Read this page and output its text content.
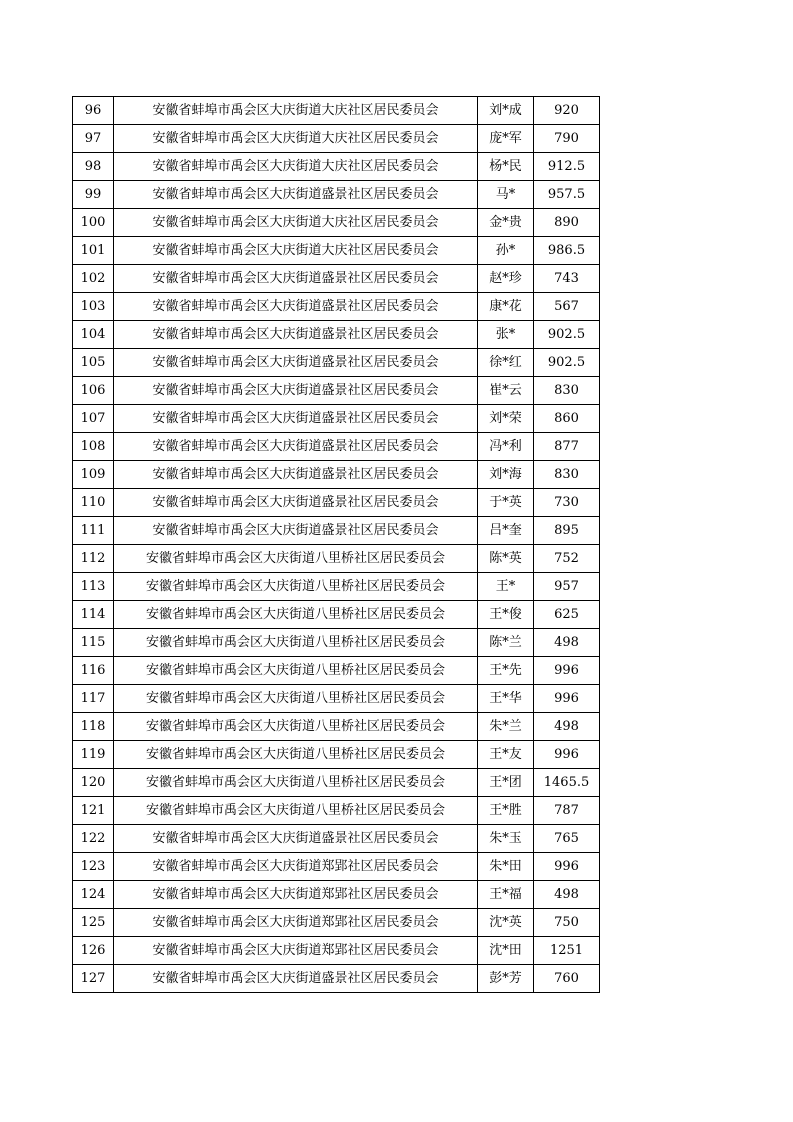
96	安徽省蚌埠市禹会区大庆街道大庆社区居民委员会	刘*成	920
97	安徽省蚌埠市禹会区大庆街道大庆社区居民委员会	庞*军	790
98	安徽省蚌埠市禹会区大庆街道大庆社区居民委员会	杨*民	912.5
99	安徽省蚌埠市禹会区大庆街道盛景社区居民委员会	马*	957.5
100	安徽省蚌埠市禹会区大庆街道大庆社区居民委员会	金*贵	890
101	安徽省蚌埠市禹会区大庆街道大庆社区居民委员会	孙*	986.5
102	安徽省蚌埠市禹会区大庆街道盛景社区居民委员会	赵*珍	743
103	安徽省蚌埠市禹会区大庆街道盛景社区居民委员会	康*花	567
104	安徽省蚌埠市禹会区大庆街道盛景社区居民委员会	张*	902.5
105	安徽省蚌埠市禹会区大庆街道盛景社区居民委员会	徐*红	902.5
106	安徽省蚌埠市禹会区大庆街道盛景社区居民委员会	崔*云	830
107	安徽省蚌埠市禹会区大庆街道盛景社区居民委员会	刘*荣	860
108	安徽省蚌埠市禹会区大庆街道盛景社区居民委员会	冯*利	877
109	安徽省蚌埠市禹会区大庆街道盛景社区居民委员会	刘*海	830
110	安徽省蚌埠市禹会区大庆街道盛景社区居民委员会	于*英	730
111	安徽省蚌埠市禹会区大庆街道盛景社区居民委员会	吕*奎	895
112	安徽省蚌埠市禹会区大庆街道八里桥社区居民委员会	陈*英	752
113	安徽省蚌埠市禹会区大庆街道八里桥社区居民委员会	王*	957
114	安徽省蚌埠市禹会区大庆街道八里桥社区居民委员会	王*俊	625
115	安徽省蚌埠市禹会区大庆街道八里桥社区居民委员会	陈*兰	498
116	安徽省蚌埠市禹会区大庆街道八里桥社区居民委员会	王*先	996
117	安徽省蚌埠市禹会区大庆街道八里桥社区居民委员会	王*华	996
118	安徽省蚌埠市禹会区大庆街道八里桥社区居民委员会	朱*兰	498
119	安徽省蚌埠市禹会区大庆街道八里桥社区居民委员会	王*友	996
120	安徽省蚌埠市禹会区大庆街道八里桥社区居民委员会	王*团	1465.5
121	安徽省蚌埠市禹会区大庆街道八里桥社区居民委员会	王*胜	787
122	安徽省蚌埠市禹会区大庆街道盛景社区居民委员会	朱*玉	765
123	安徽省蚌埠市禹会区大庆街道郑郢社区居民委员会	朱*田	996
124	安徽省蚌埠市禹会区大庆街道郑郢社区居民委员会	王*福	498
125	安徽省蚌埠市禹会区大庆街道郑郢社区居民委员会	沈*英	750
126	安徽省蚌埠市禹会区大庆街道郑郢社区居民委员会	沈*田	1251
127	安徽省蚌埠市禹会区大庆街道盛景社区居民委员会	彭*芳	760
